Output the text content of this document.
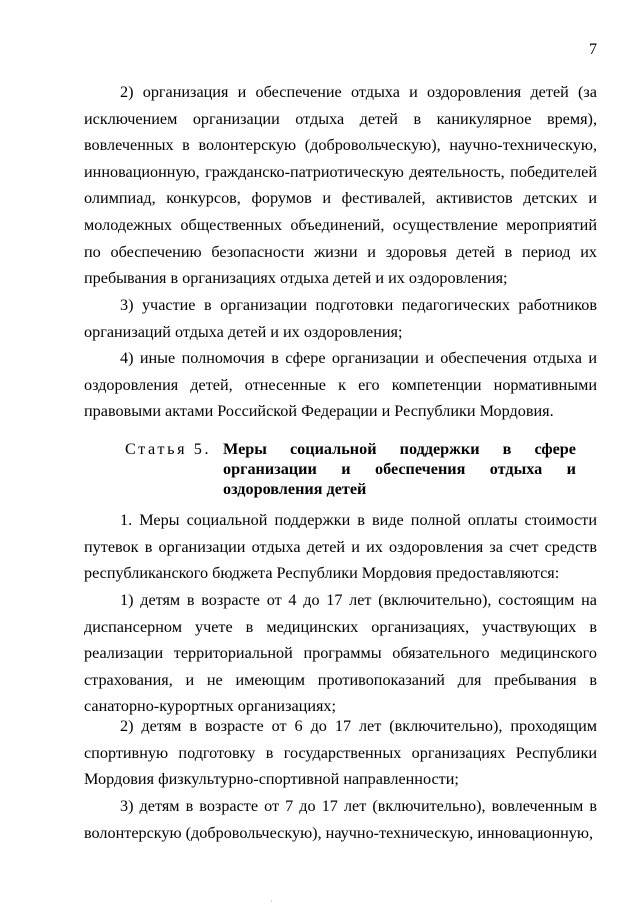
7

2) организация и обеспечение отдыха и оздоровления детей (за исключением организации отдыха детей в каникулярное время), вовлеченных в волонтерскую (добровольческую), научно-техническую, инновационную, гражданско-патриотическую деятельность, победителей олимпиад, конкурсов, форумов и фестивалей, активистов детских и молодежных общественных объединений, осуществление мероприятий по обеспечению безопасности жизни и здоровья детей в период их пребывания в организациях отдыха детей и их оздоровления;

3) участие в организации подготовки педагогических работников организаций отдыха детей и их оздоровления;

4) иные полномочия в сфере организации и обеспечения отдыха и оздоровления детей, отнесенные к его компетенции нормативными правовыми актами Российской Федерации и Республики Мордовия.

Статья 5. Меры социальной поддержки в сфере организации и обеспечения отдыха и оздоровления детей

1. Меры социальной поддержки в виде полной оплаты стоимости путевок в организации отдыха детей и их оздоровления за счет средств республиканского бюджета Республики Мордовия предоставляются:

1) детям в возрасте от 4 до 17 лет (включительно), состоящим на диспансерном учете в медицинских организациях, участвующих в реализации территориальной программы обязательного медицинского страхования, и не имеющим противопоказаний для пребывания в санаторно-курортных организациях;

2) детям в возрасте от 6 до 17 лет (включительно), проходящим спортивную подготовку в государственных организациях Республики Мордовия физкультурно-спортивной направленности;

3) детям в возрасте от 7 до 17 лет (включительно), вовлеченным в волонтерскую (добровольческую), научно-техническую, инновационную,

·
